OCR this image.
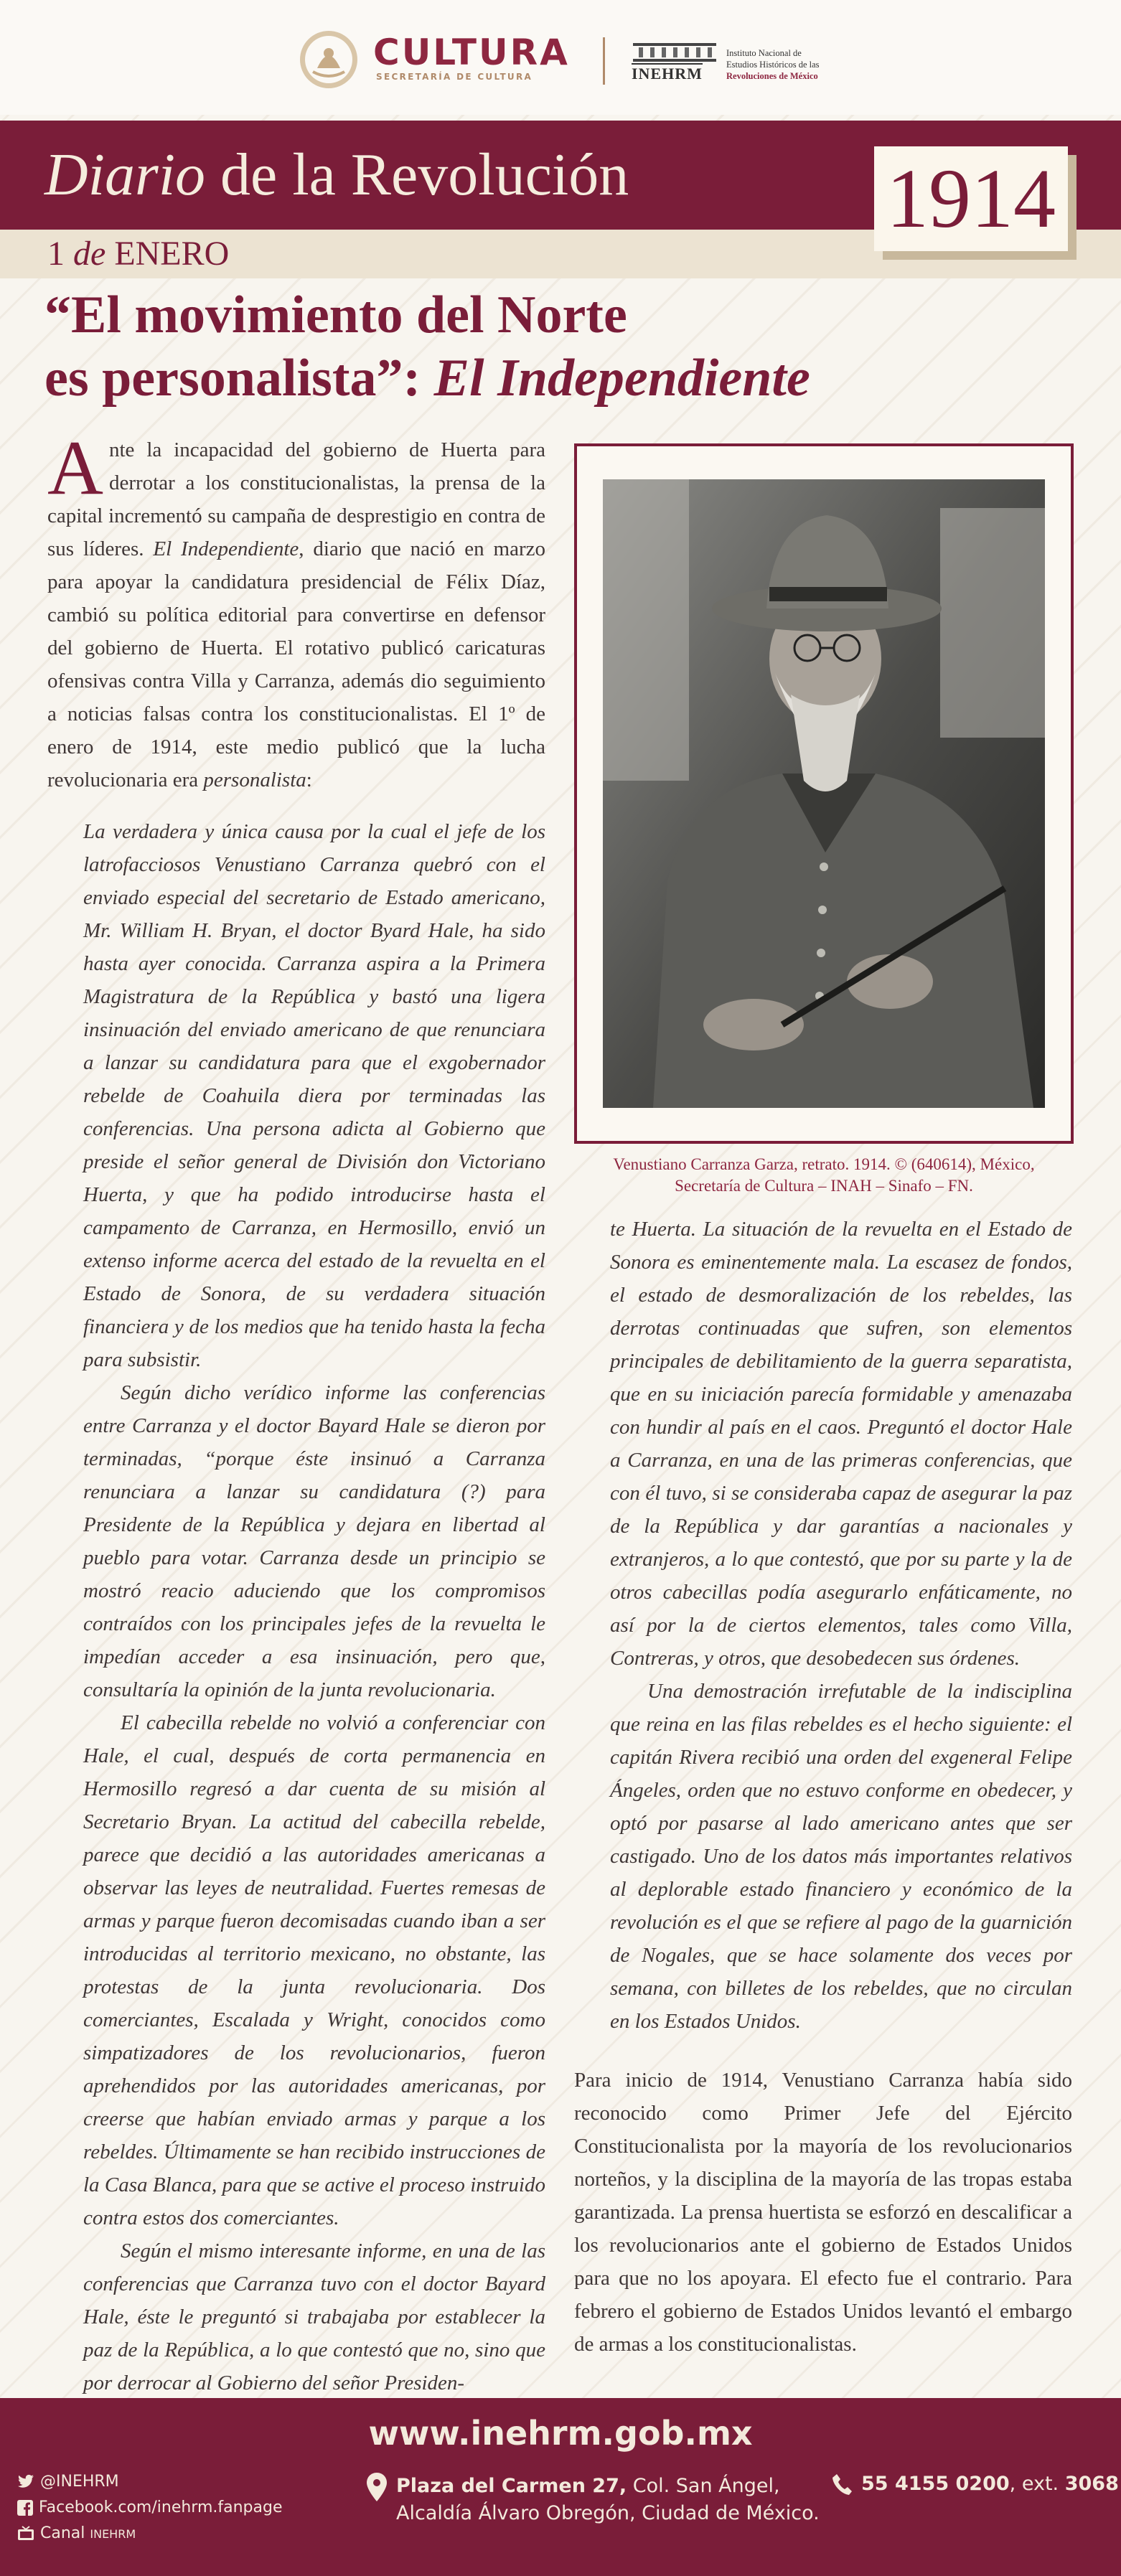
CULTURA
SECRETARÍA DE CULTURA	INEHRM
Instituto Nacional de
Estudios Históricos de las
Revoluciones de México
Diario de la Revolución
1 de ENERO
1914
“El movimiento del Norte
es personalista”: El Independiente

Ante la incapacidad del gobierno de Huerta para derrotar a los constitucionalistas, la prensa de la capital incrementó su campaña de desprestigio en contra de sus líderes. El Independiente, diario que nació en marzo para apoyar la candidatura presidencial de Félix Díaz, cambió su política editorial para convertirse en defensor del gobierno de Huerta. El rotativo publicó caricaturas ofensivas contra Villa y Carranza, además dio seguimiento a noticias falsas contra los constitucionalistas. El 1º de enero de 1914, este medio publicó que la lucha revolucionaria era personalista:

La verdadera y única causa por la cual el jefe de los latrofacciosos Venustiano Carranza quebró con el enviado especial del secretario de Estado americano, Mr. William H. Bryan, el doctor Byard Hale, ha sido hasta ayer conocida. Carranza aspira a la Primera Magistratura de la República y bastó una ligera insinuación del enviado americano de que renunciara a lanzar su candidatura para que el exgobernador rebelde de Coahuila diera por terminadas las conferencias. Una persona adicta al Gobierno que preside el señor general de División don Victoriano Huerta, y que ha podido introducirse hasta el campamento de Carranza, en Hermosillo, envió un extenso informe acerca del estado de la revuelta en el Estado de Sonora, de su verdadera situación financiera y de los medios que ha tenido hasta la fecha para subsistir.

Según dicho verídico informe las conferencias entre Carranza y el doctor Bayard Hale se dieron por terminadas, “porque éste insinuó a Carranza renunciara a lanzar su candidatura (?) para Presidente de la República y dejara en libertad al pueblo para votar. Carranza desde un principio se mostró reacio aduciendo que los compromisos contraídos con los principales jefes de la revuelta le impedían acceder a esa insinuación, pero que, consultaría la opinión de la junta revolucionaria.

El cabecilla rebelde no volvió a conferenciar con Hale, el cual, después de corta permanencia en Hermosillo regresó a dar cuenta de su misión al Secretario Bryan. La actitud del cabecilla rebelde, parece que decidió a las autoridades americanas a observar las leyes de neutralidad. Fuertes remesas de armas y parque fueron decomisadas cuando iban a ser introducidas al territorio mexicano, no obstante, las protestas de la junta revolucionaria. Dos comerciantes, Escalada y Wright, conocidos como simpatizadores de los revolucionarios, fueron aprehendidos por las autoridades americanas, por creerse que habían enviado armas y parque a los rebeldes. Últimamente se han recibido instrucciones de la Casa Blanca, para que se active el proceso instruido contra estos dos comerciantes.

Según el mismo interesante informe, en una de las conferencias que Carranza tuvo con el doctor Bayard Hale, éste le preguntó si trabajaba por establecer la paz de la República, a lo que contestó que no, sino que por derrocar al Gobierno del señor Presiden-

Venustiano Carranza Garza, retrato. 1914. © (640614), México,
Secretaría de Cultura – INAH – Sinafo – FN.

te Huerta. La situación de la revuelta en el Estado de Sonora es eminentemente mala. La escasez de fondos, el estado de desmoralización de los rebeldes, las derrotas continuadas que sufren, son elementos principales de debilitamiento de la guerra separatista, que en su iniciación parecía formidable y amenazaba con hundir al país en el caos. Preguntó el doctor Hale a Carranza, en una de las primeras conferencias, que con él tuvo, si se consideraba capaz de asegurar la paz de la República y dar garantías a nacionales y extranjeros, a lo que contestó, que por su parte y la de otros cabecillas podía asegurarlo enfáticamente, no así por la de ciertos elementos, tales como Villa, Contreras, y otros, que desobedecen sus órdenes.

Una demostración irrefutable de la indisciplina que reina en las filas rebeldes es el hecho siguiente: el capitán Rivera recibió una orden del exgeneral Felipe Ángeles, orden que no estuvo conforme en obedecer, y optó por pasarse al lado americano antes que ser castigado. Uno de los datos más importantes relativos al deplorable estado financiero y económico de la revolución es el que se refiere al pago de la guarnición de Nogales, que se hace solamente dos veces por semana, con billetes de los rebeldes, que no circulan en los Estados Unidos.

Para inicio de 1914, Venustiano Carranza había sido reconocido como Primer Jefe del Ejército Constitucionalista por la mayoría de los revolucionarios norteños, y la disciplina de la mayoría de las tropas estaba garantizada. La prensa huertista se esforzó en descalificar a los revolucionarios ante el gobierno de Estados Unidos para que no los apoyara. El efecto fue el contrario. Para febrero el gobierno de Estados Unidos levantó el embargo de armas a los constitucionalistas.

www.inehrm.gob.mx
@INEHRM
Facebook.com/inehrm.fanpage
Canal INEHRM
Plaza del Carmen 27, Col. San Ángel,
Alcaldía Álvaro Obregón, Ciudad de México.
55 4155 0200, ext. 3068
